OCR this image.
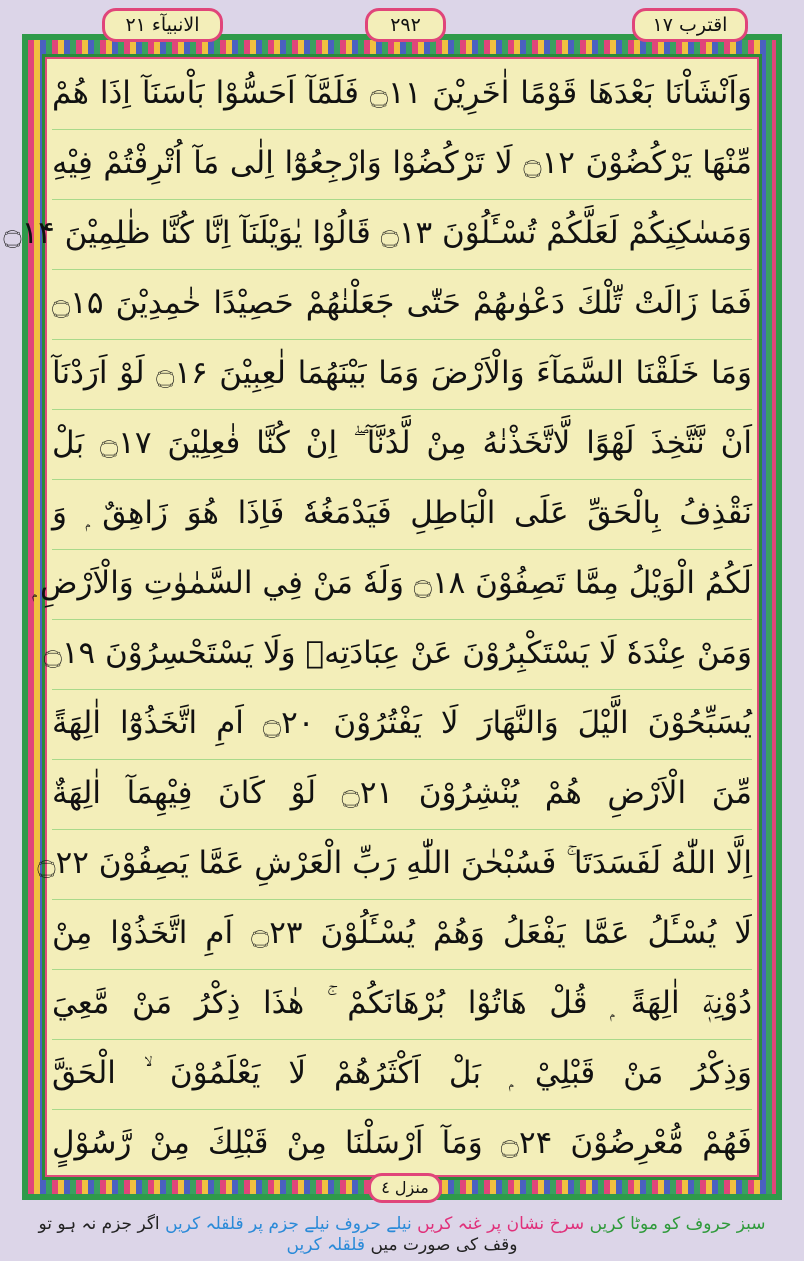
اقترب ۱۷
۲۹۲
الانبیآء ۲۱
وَاَنْشَاْنَا بَعْدَهَا قَوْمًا اٰخَرِيْنَ ۝۱۱ فَلَمَّآ اَحَسُّوْا بَاْسَنَآ اِذَا هُمْ
مِّنْهَا يَرْكُضُوْنَ ۝۱۲ لَا تَرْكُضُوْا وَارْجِعُوْٓا اِلٰى مَآ اُتْرِفْتُمْ فِيْهِ
وَمَسٰكِنِكُمْ لَعَلَّكُمْ تُسْـَٔلُوْنَ ۝۱۳ قَالُوْا يٰوَيْلَنَآ اِنَّا كُنَّا ظٰلِمِيْنَ ۝۱۴
فَمَا زَالَتْ تِّلْكَ دَعْوٰىهُمْ حَتّٰى جَعَلْنٰهُمْ حَصِيْدًا خٰمِدِيْنَ ۝۱۵
وَمَا خَلَقْنَا السَّمَآءَ وَالْاَرْضَ وَمَا بَيْنَهُمَا لٰعِبِيْنَ ۝۱۶ لَوْ اَرَدْنَآ
اَنْ نَّتَّخِذَ لَهْوًا لَّاتَّخَذْنٰهُ مِنْ لَّدُنَّآ ۖ اِنْ كُنَّا فٰعِلِيْنَ ۝۱۷ بَلْ
نَقْذِفُ بِالْحَقِّ عَلَى الْبَاطِلِ فَيَدْمَغُهٗ فَاِذَا هُوَ زَاهِقٌ ۭ وَ
لَكُمُ الْوَيْلُ مِمَّا تَصِفُوْنَ ۝۱۸ وَلَهٗ مَنْ فِي السَّمٰوٰتِ وَالْاَرْضِ ۭ
وَمَنْ عِنْدَهٗ لَا يَسْتَكْبِرُوْنَ عَنْ عِبَادَتِهٖ وَلَا يَسْتَحْسِرُوْنَ ۝۱۹
يُسَبِّحُوْنَ الَّيْلَ وَالنَّهَارَ لَا يَفْتُرُوْنَ ۝۲۰ اَمِ اتَّخَذُوْٓا اٰلِهَةً
مِّنَ الْاَرْضِ هُمْ يُنْشِرُوْنَ ۝۲۱ لَوْ كَانَ فِيْهِمَآ اٰلِهَةٌ
اِلَّا اللّٰهُ لَفَسَدَتَا ۚ فَسُبْحٰنَ اللّٰهِ رَبِّ الْعَرْشِ عَمَّا يَصِفُوْنَ ۝۲۲
لَا يُسْـَٔلُ عَمَّا يَفْعَلُ وَهُمْ يُسْـَٔلُوْنَ ۝۲۳ اَمِ اتَّخَذُوْا مِنْ
دُوْنِهٖٓ اٰلِهَةً ۭ قُلْ هَاتُوْا بُرْهَانَكُمْ ۚ هٰذَا ذِكْرُ مَنْ مَّعِيَ
وَذِكْرُ مَنْ قَبْلِيْ ۭ بَلْ اَكْثَرُهُمْ لَا يَعْلَمُوْنَ ۙ الْحَقَّ
فَهُمْ مُّعْرِضُوْنَ ۝۲۴ وَمَآ اَرْسَلْنَا مِنْ قَبْلِكَ مِنْ رَّسُوْلٍ
منزل ٤
سبز حروف کو موٹا کریں سرخ نشان پر غنہ کریں نیلے حروف نیلے جزم پر قلقلہ کریں اگر جزم نہ ہو تو وقف کی صورت میں قلقلہ کریں
